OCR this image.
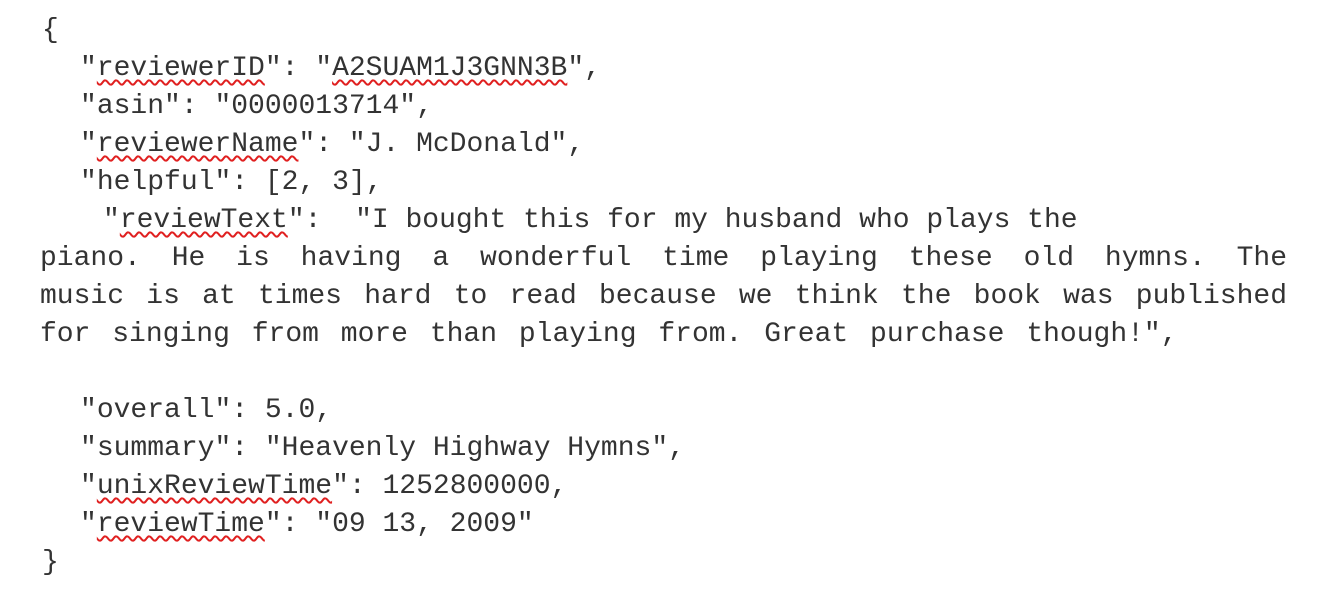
{
"reviewerID": "A2SUAM1J3GNN3B",
"asin": "0000013714",
"reviewerName": "J. McDonald",
"helpful": [2, 3],
"reviewText":  "I bought this for my husband who plays the
piano. He is having a wonderful time playing these old hymns. The music is at times hard to read because we think the book was published for singing from more than playing from. Great purchase though!",
"overall": 5.0,
"summary": "Heavenly Highway Hymns",
"unixReviewTime": 1252800000,
"reviewTime": "09 13, 2009"
}
